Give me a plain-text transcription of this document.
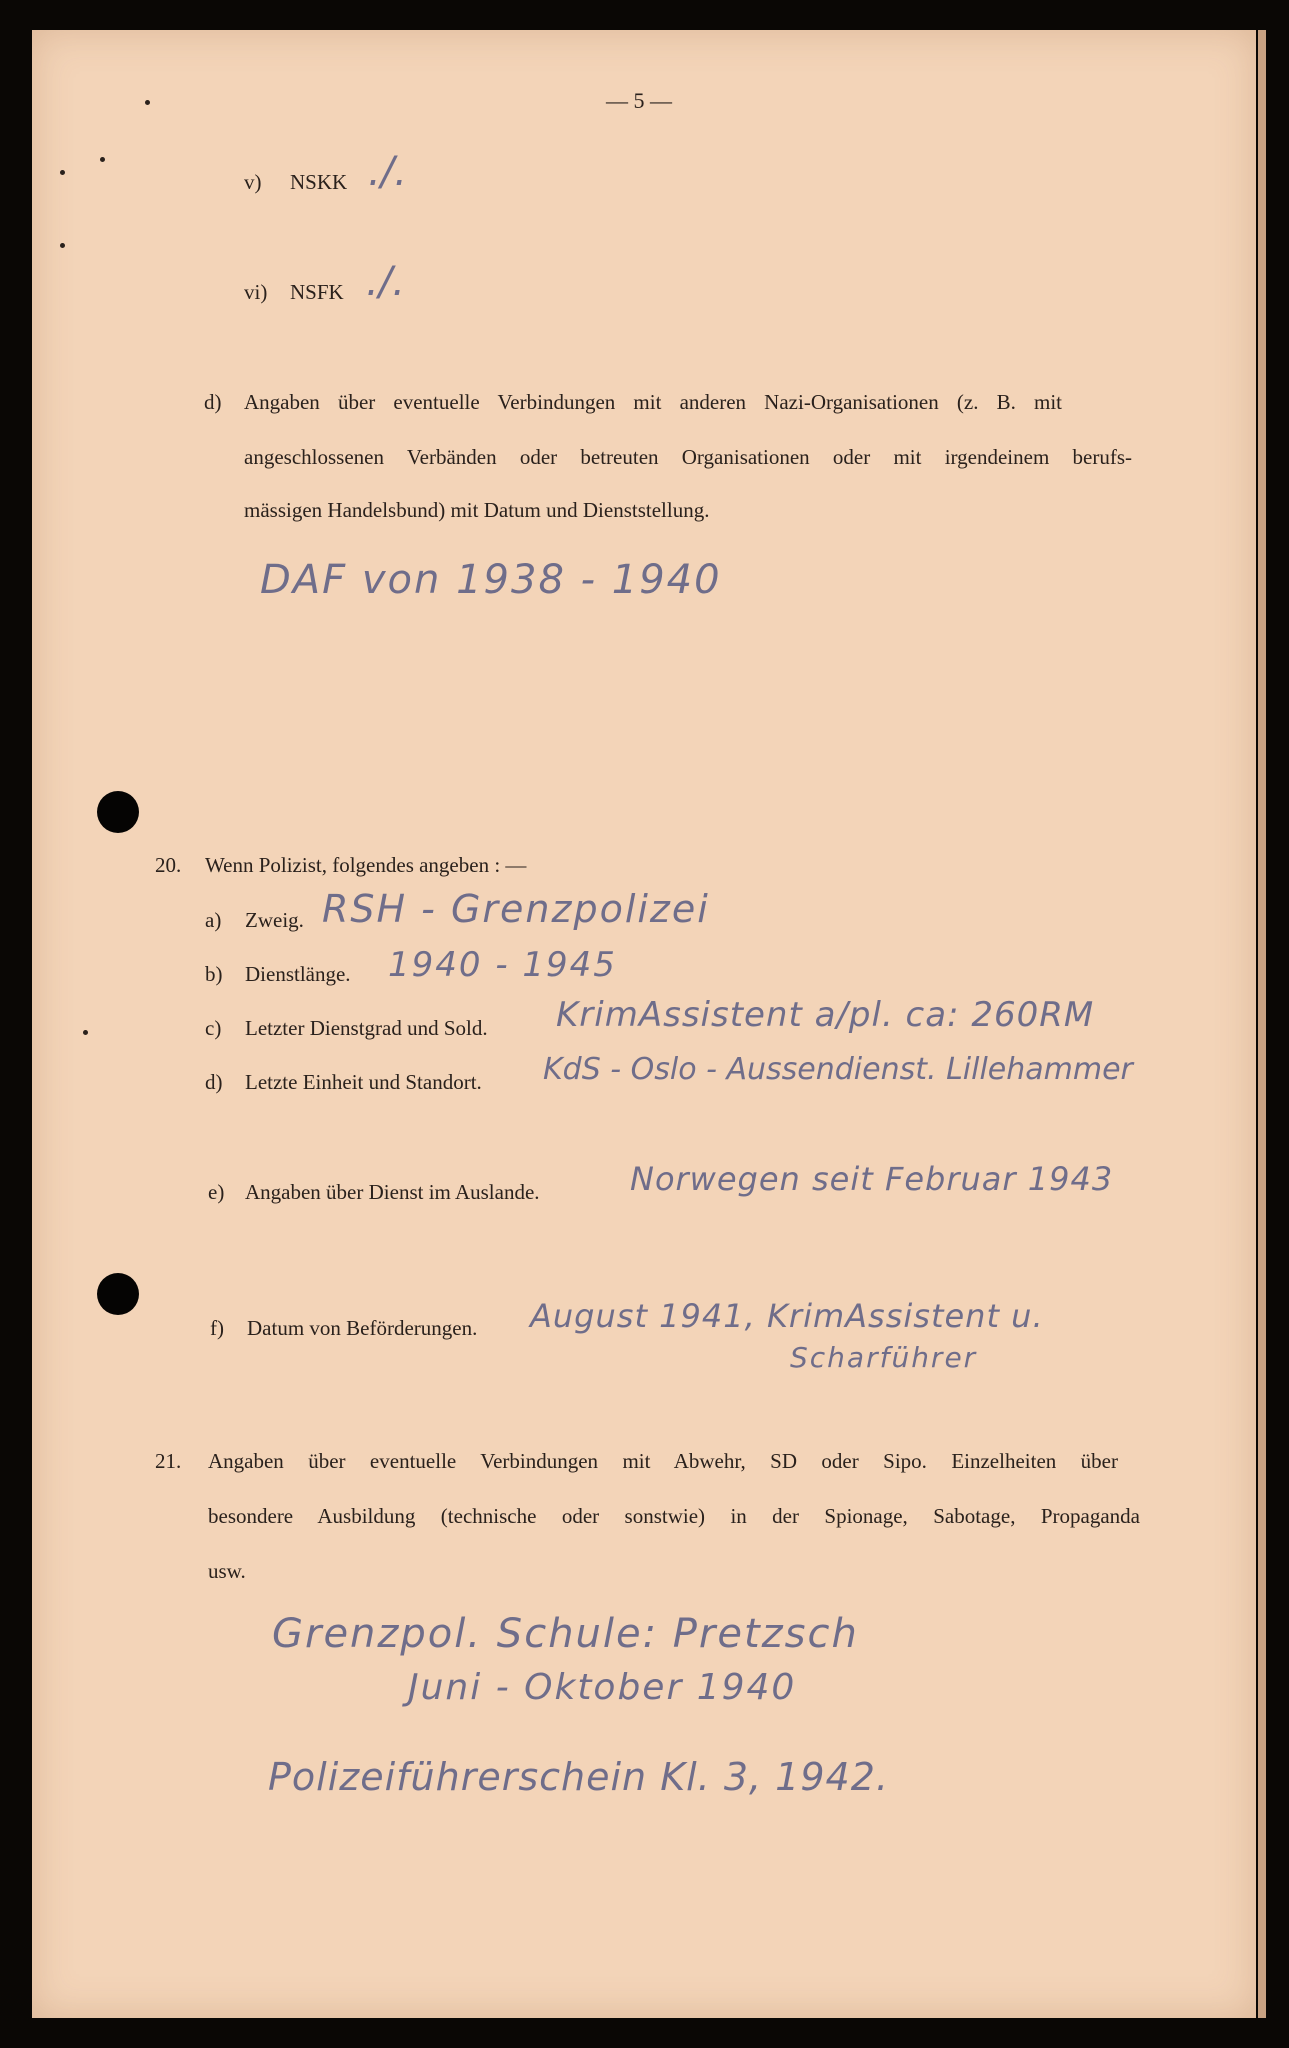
— 5 —
v) NSKK ./.
vi) NSFK ./.
d) Angaben über eventuelle Verbindungen mit anderen Nazi-Organisationen (z. B. mit
angeschlossenen Verbänden oder betreuten Organisationen oder mit irgendeinem berufs-
mässigen Handelsbund) mit Datum und Dienststellung.
DAF von 1938 - 1940
20. Wenn Polizist, folgendes angeben : —
a) Zweig. RSH - Grenzpolizei
b) Dienstlänge. 1940 - 1945
c) Letzter Dienstgrad und Sold. KrimAssistent a/pl. ca: 260RM
d) Letzte Einheit und Standort. KdS - Oslo - Aussendienst. Lillehammer
e) Angaben über Dienst im Auslande.	Norwegen seit Februar 1943
f) Datum von Beförderungen. August 1941, KrimAssistent u.
Scharführer
21. Angaben über eventuelle Verbindungen mit Abwehr, SD oder Sipo. Einzelheiten über
besondere Ausbildung (technische oder sonstwie) in der Spionage, Sabotage, Propaganda
usw.
Grenzpol. Schule: Pretzsch
Juni - Oktober 1940
Polizeiführerschein Kl. 3, 1942.
